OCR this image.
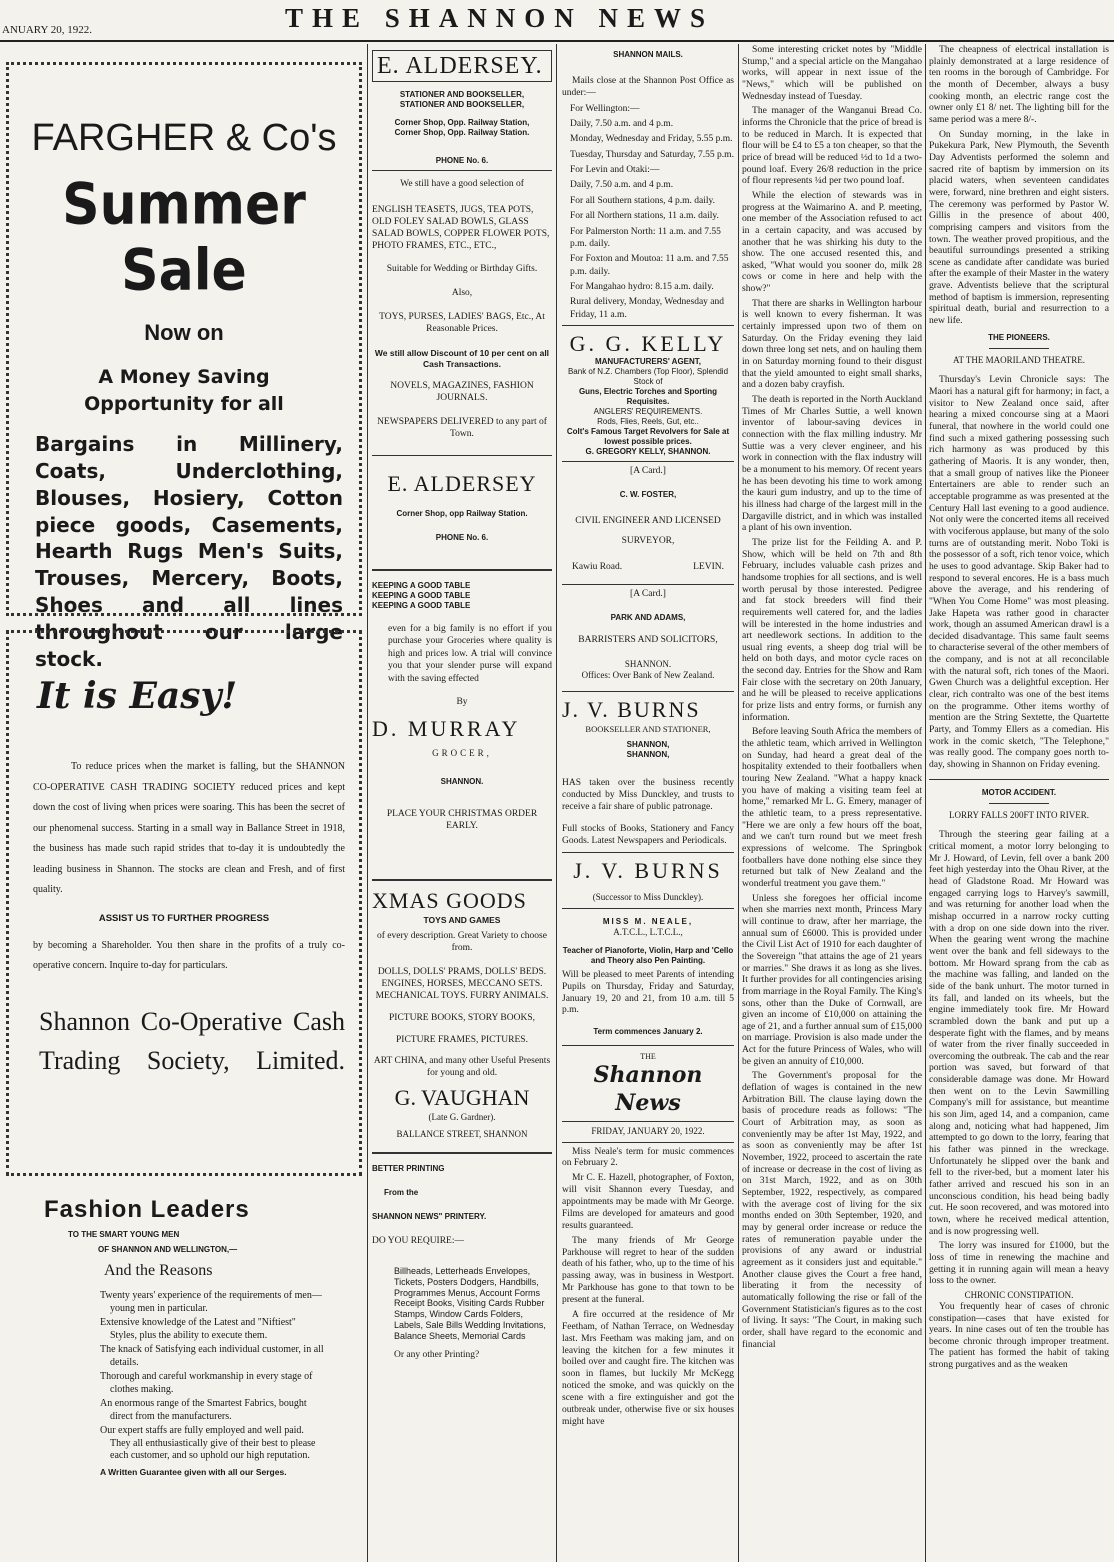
ANUARY 20, 1922.	THE SHANNON NEWS
FARGHER & Co's
Summer Sale
Now on
A Money Saving Opportunity for all
Bargains in Millinery, Coats, Underclothing, Blouses, Hosiery, Cotton piece goods, Casements, Hearth Rugs Men's Suits, Trouses, Mercery, Boots, Shoes and all lines throughout our large stock.
It is Easy!
To reduce prices when the market is falling, but the SHANNON CO-OPERATIVE CASH TRADING SOCIETY reduced prices and kept down the cost of living when prices were soaring. This has been the secret of our phenomenal success. Starting in a small way in Ballance Street in 1918, the business has made such rapid strides that to-day it is undoubtedly the leading business in Shannon. The stocks are clean and Fresh, and of first quality.
ASSIST US TO FURTHER PROGRESS
by becoming a Shareholder. You then share in the profits of a truly co-operative concern. Inquire to-day for particulars.
Shannon Co-Operative Cash Trading Society, Limited.
Fashion Leaders
TO THE SMART YOUNG MEN
OF SHANNON AND WELLINGTON,—
And the Reasons
Twenty years' experience of the requirements of men—young men in particular.
Extensive knowledge of the Latest and "Niftiest" Styles, plus the ability to execute them.
The knack of Satisfying each individual customer, in all details.
Thorough and careful workmanship in every stage of clothes making.
An enormous range of the Smartest Fabrics, bought direct from the manufacturers.
Our expert staffs are fully employed and well paid. They all enthusiastically give of their best to please each customer, and so uphold our high reputation.
A Written Guarantee given with all our Serges.
E. ALDERSEY.
STATIONER AND BOOKSELLER,
STATIONER AND BOOKSELLER,
Corner Shop, Opp. Railway Station,
Corner Shop, Opp. Railway Station.
PHONE No. 6.
We still have a good selection of
ENGLISH TEASETS, JUGS, TEA POTS, OLD FOLEY SALAD BOWLS, GLASS SALAD BOWLS, COPPER FLOWER POTS, PHOTO FRAMES, ETC., ETC.,
Suitable for Wedding or Birthday Gifts.
Also,
TOYS, PURSES, LADIES' BAGS, Etc., At Reasonable Prices.
We still allow Discount of 10 per cent on all Cash Transactions.
NOVELS, MAGAZINES, FASHION JOURNALS.
NEWSPAPERS DELIVERED to any part of Town.
E. ALDERSEY
Corner Shop, opp Railway Station.
PHONE No. 6.
KEEPING A GOOD TABLE
KEEPING A GOOD TABLE
KEEPING A GOOD TABLE

even for a big family is no effort if you purchase your Groceries where quality is high and prices low. A trial will convince you that your slender purse will expand with the saving effected

By
D. MURRAY
GROCER,
SHANNON.
PLACE YOUR CHRISTMAS ORDER EARLY.
XMAS GOODS
TOYS AND GAMES
of every description. Great Variety to choose from.
DOLLS, DOLLS' PRAMS, DOLLS' BEDS.
ENGINES, HORSES, MECCANO SETS. MECHANICAL TOYS. FURRY ANIMALS.
PICTURE BOOKS, STORY BOOKS,
PICTURE FRAMES, PICTURES.
ART CHINA, and many other Useful Presents for young and old.
G. VAUGHAN
(Late G. Gardner).
BALLANCE STREET, SHANNON
BETTER PRINTING
From the
SHANNON NEWS" PRINTERY.
DO YOU REQUIRE:—
Billheads, Letterheads Envelopes, Tickets, Posters Dodgers, Handbills, Programmes Menus, Account Forms Receipt Books, Visiting Cards Rubber Stamps, Window Cards Folders, Labels, Sale Bills Wedding Invitations, Balance Sheets, Memorial Cards
Or any other Printing?
SHANNON MAILS.

Mails close at the Shannon Post Office as under:—

For Wellington:—
Daily, 7.50 a.m. and 4 p.m.
Monday, Wednesday and Friday, 5.55 p.m.
Tuesday, Thursday and Saturday, 7.55 p.m.
For Levin and Otaki:—
Daily, 7.50 a.m. and 4 p.m.
For all Southern stations, 4 p.m. daily.
For all Northern stations, 11 a.m. daily.
For Palmerston North: 11 a.m. and 7.55 p.m. daily.
For Foxton and Moutoa: 11 a.m. and 7.55 p.m. daily.
For Mangahao hydro: 8.15 a.m. daily.
Rural delivery, Monday, Wednesday and Friday, 11 a.m.
G. G. KELLY
MANUFACTURERS' AGENT,
Bank of N.Z. Chambers (Top Floor), Splendid Stock of
Guns, Electric Torches and Sporting Requisites.
ANGLERS' REQUIREMENTS.
Rods, Flies, Reels, Gut, etc..
Colt's Famous Target Revolvers for Sale at lowest possible prices.
G. GREGORY KELLY, SHANNON.
[A Card.]
C. W. FOSTER,
CIVIL ENGINEER AND LICENSED SURVEYOR,
Kawiu Road.	LEVIN.
[A Card.]
PARK AND ADAMS,
BARRISTERS AND SOLICITORS,
SHANNON.
Offices: Over Bank of New Zealand.
J. V. BURNS
BOOKSELLER AND STATIONER,
SHANNON, SHANNON,

HAS taken over the business recently conducted by Miss Dunckley, and trusts to receive a fair share of public patronage.

Full stocks of Books, Stationery and Fancy Goods. Latest Newspapers and Periodicals.

J. V. BURNS
(Successor to Miss Dunckley).
MISS M. NEALE,
A.T.C.L., L.T.C.L.,
Teacher of Pianoforte, Violin, Harp and 'Cello and Theory also Pen Painting.

Will be pleased to meet Parents of intending Pupils on Thursday, Friday and Saturday, January 19, 20 and 21, from 10 a.m. till 5 p.m.

Term commences January 2.
THE
Shannon News
FRIDAY, JANUARY 20, 1922.

Miss Neale's term for music commences on February 2.

Mr C. E. Hazell, photographer, of Foxton, will visit Shannon every Tuesday, and appointments may be made with Mr George. Films are developed for amateurs and good results guaranteed.

The many friends of Mr George Parkhouse will regret to hear of the sudden death of his father, who, up to the time of his passing away, was in business in Westport. Mr Parkhouse has gone to that town to be present at the funeral.

A fire occurred at the residence of Mr Feetham, of Nathan Terrace, on Wednesday last. Mrs Feetham was making jam, and on leaving the kitchen for a few minutes it boiled over and caught fire. The kitchen was soon in flames, but luckily Mr McKegg noticed the smoke, and was quickly on the scene with a fire extinguisher and got the outbreak under, otherwise five or six houses might have

Some interesting cricket notes by "Middle Stump," and a special article on the Mangahao works, will appear in next issue of the "News," which will be published on Wednesday instead of Tuesday.

The manager of the Wanganui Bread Co. informs the Chronicle that the price of bread is to be reduced in March. It is expected that flour will be £4 to £5 a ton cheaper, so that the price of bread will be reduced ½d to 1d a two-pound loaf. Every 26/8 reduction in the price of flour represents ¼d per two pound loaf.

While the election of stewards was in progress at the Waimarino A. and P. meeting, one member of the Association refused to act in a certain capacity, and was accused by another that he was shirking his duty to the show. The one accused resented this, and asked, "What would you sooner do, milk 28 cows or come in here and help with the show?"

That there are sharks in Wellington harbour is well known to every fisherman. It was certainly impressed upon two of them on Saturday. On the Friday evening they laid down three long set nets, and on hauling them in on Saturday morning found to their disgust that the yield amounted to eight small sharks, and a dozen baby crayfish.

The death is reported in the North Auckland Times of Mr Charles Suttie, a well known inventor of labour-saving devices in connection with the flax milling industry. Mr Suttie was a very clever engineer, and his work in connection with the flax industry will be a monument to his memory. Of recent years he has been devoting his time to work among the kauri gum industry, and up to the time of his illness had charge of the largest mill in the Dargaville district, and in which was installed a plant of his own invention.

The prize list for the Feilding A. and P. Show, which will be held on 7th and 8th February, includes valuable cash prizes and handsome trophies for all sections, and is well worth perusal by those interested. Pedigree and fat stock breeders will find their requirements well catered for, and the ladies will be interested in the home industries and art needlework sections. In addition to the usual ring events, a sheep dog trial will be held on both days, and motor cycle races on the second day. Entries for the Show and Ram Fair close with the secretary on 20th January, and he will be pleased to receive applications for prize lists and entry forms, or furnish any information.

Before leaving South Africa the members of the athletic team, which arrived in Wellington on Sunday, had heard a great deal of the hospitality extended to their footballers when touring New Zealand. "What a happy knack you have of making a visiting team feel at home," remarked Mr L. G. Emery, manager of the athletic team, to a press representative. "Here we are only a few hours off the boat, and we can't turn round but we meet fresh expressions of welcome. The Springbok footballers have done nothing else since they returned but talk of New Zealand and the wonderful treatment you gave them."

Unless she foregoes her official income when she marries next month, Princess Mary will continue to draw, after her marriage, the annual sum of £6000. This is provided under the Civil List Act of 1910 for each daughter of the Sovereign "that attains the age of 21 years or marries." She draws it as long as she lives. It further provides for all contingencies arising from marriage in the Royal Family. The King's sons, other than the Duke of Cornwall, are given an income of £10,000 on attaining the age of 21, and a further annual sum of £15,000 on marriage. Provision is also made under the Act for the future Princess of Wales, who will be given an annuity of £10,000.

The Government's proposal for the deflation of wages is contained in the new Arbitration Bill. The clause laying down the basis of procedure reads as follows: "The Court of Arbitration may, as soon as conveniently may be after 1st May, 1922, and as soon as conveniently may be after 1st November, 1922, proceed to ascertain the rate of increase or decrease in the cost of living as on 31st March, 1922, and as on 30th September, 1922, respectively, as compared with the average cost of living for the six months ended on 30th September, 1920, and may by general order increase or reduce the rates of remuneration payable under the provisions of any award or industrial agreement as it considers just and equitable." Another clause gives the Court a free hand, liberating it from the necessity of automatically following the rise or fall of the Government Statistician's figures as to the cost of living. It says: "The Court, in making such order, shall have regard to the economic and financial

The cheapness of electrical installation is plainly demonstrated at a large residence of ten rooms in the borough of Cambridge. For the month of December, always a busy cooking month, an electric range cost the owner only £1 8/ net. The lighting bill for the same period was a mere 8/-.

On Sunday morning, in the lake in Pukekura Park, New Plymouth, the Seventh Day Adventists performed the solemn and sacred rite of baptism by immersion on its placid waters, when seventeen candidates were, forward, nine brethren and eight sisters. The ceremony was performed by Pastor W. Gillis in the presence of about 400, comprising campers and visitors from the town. The weather proved propitious, and the beautiful surroundings presented a striking scene as candidate after candidate was buried after the example of their Master in the watery grave. Adventists believe that the scriptural method of baptism is immersion, representing spiritual death, burial and resurrection to a new life.

THE PIONEERS.
AT THE MAORILAND THEATRE.

Thursday's Levin Chronicle says: The Maori has a natural gift for harmony; in fact, a visitor to New Zealand once said, after hearing a mixed concourse sing at a Maori funeral, that nowhere in the world could one find such a mixed gathering possessing such rich harmony as was produced by this gathering of Maoris. It is any wonder, then, that a small group of natives like the Pioneer Entertainers are able to render such an acceptable programme as was presented at the Century Hall last evening to a good audience. Not only were the concerted items all received with vociferous applause, but many of the solo turns are of outstanding merit. Nobo Toki is the possessor of a soft, rich tenor voice, which he uses to good advantage. Skip Baker had to respond to several encores. He is a bass much above the average, and his rendering of "When You Come Home" was most pleasing. Jake Hapeta was rather good in character work, though an assumed American drawl is a decided disadvantage. This same fault seems to characterise several of the other members of the company, and is not at all reconcilable with the natural soft, rich tones of the Maori. Gwen Church was a delightful exception. Her clear, rich contralto was one of the best items on the programme. Other items worthy of mention are the String Sextette, the Quartette Party, and Tommy Ellers as a comedian. His work in the comic sketch, "The Telephone," was really good. The company goes north to-day, showing in Shannon on Friday evening.

MOTOR ACCIDENT.
LORRY FALLS 200FT INTO RIVER.

Through the steering gear failing at a critical moment, a motor lorry belonging to Mr J. Howard, of Levin, fell over a bank 200 feet high yesterday into the Ohau River, at the head of Gladstone Road. Mr Howard was engaged carrying logs to Harvey's sawmill, and was returning for another load when the mishap occurred in a narrow rocky cutting with a drop on one side down into the river. When the gearing went wrong the machine went over the bank and fell sideways to the bottom. Mr Howard sprang from the cab as the machine was falling, and landed on the side of the bank unhurt. The motor turned in its fall, and landed on its wheels, but the engine immediately took fire. Mr Howard scrambled down the bank and put up a desperate fight with the flames, and by means of water from the river finally succeeded in overcoming the outbreak. The cab and the rear portion was saved, but forward of that considerable damage was done. Mr Howard then went on to the Levin Sawmilling Company's mill for assistance, but meantime his son Jim, aged 14, and a companion, came along and, noticing what had happened, Jim attempted to go down to the lorry, fearing that his father was pinned in the wreckage. Unfortunately he slipped over the bank and fell to the river-bed, but a moment later his father arrived and rescued his son in an unconscious condition, his head being badly cut. He soon recovered, and was motored into town, where he received medical attention, and is now progressing well.

The lorry was insured for £1000, but the loss of time in renewing the machine and getting it in running again will mean a heavy loss to the owner.

CHRONIC CONSTIPATION.

You frequently hear of cases of chronic constipation—cases that have existed for years. In nine cases out of ten the trouble has become chronic through improper treatment. The patient has formed the habit of taking strong purgatives and as the weaken
